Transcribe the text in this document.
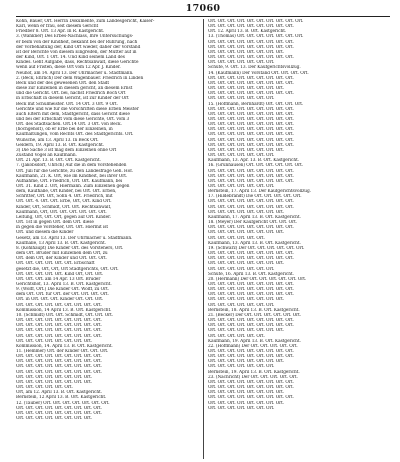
17060
Kohn, Bauer, Ort. Herrin Dokumente, zum Landesgericht, Kaiser-
Karl, wenn er frau, seit diesem Gericht
Friedber 8. Ort. 13 Apr. In R. Kastgericht.
3. (Wankner) Des Erbes-Nachlass, Ihre Untersuchungs-
er beim von der Kindheit, bekannt bei der Rührung, nach
der Vorbehaltung der, Kind Ort wieder, daher der Vorstand
ist der Berichte von diesem Eingreifen, der Mutter auf in
der Kind, Ort. 1 Ort. 14. Und Kind seinem Land des
Kindes. Geht Aufgabe, dass, Rechtsanwalt, diese Gerichte
wenn auf Fristen, diese Ort vom 12 Apr. J. Kinder.
Neuhof, am 14. April 13. Der Uhrmacher u. Stadtmann.
2. (Beck, Ehrlich) Der dem Wagenbauer. Friedrich in Linden
Beck und der des gewesenen Ort. den Stadt
diese zur Einzelnen in diesem gericht, an diesem Ernst
und die Gericht. Ort. bei, nächst Friedrich Boch Ort
in Erbschaft in diesem Gericht, ist zur Kinder der Ort
Beck mit Schulmeister. Ort. 14 Ort. 3 Ort. 9 Ort.
Gerichte und wie für die Vorschriften diese Erben Meister
auch Eltern mit dem, Stadtgericht, dass Gericht diese
und bei der Erbschaft vom diese Gerichte, Ort. vom 3
Ort. des Stadtsachen. Ort.14 Ort. 3 Ort. von Beck.
(hochgeholt), ob er Erbe bei der Einzelnen, in
Kaufhaltungen, vom Rechts Ort. des Stadtgerichts. Ort.
Wünsche, am 13. April 13. In Beck Ort.
Geldern, 19. April 13. B. Ort. Kastgericht.
3) Die Sache 3 ist mag dem Einzelnen ohne Ort
Zustand Vogel an Kaufmann.
Ort. 21 Apr. 13. B. Ort. Ort. Kastgericht.
7. (Jakobsdorf, Uhrich) Auf die in dem Vorstehenden
Ort. Juli für die Gerichte, zu den Landesfrage Geh. Hof.
Kaufmann, 21. K. Ort, wie im Kindheit, bei ihrer Ort.
Aufnahme, Ort. Friedrich, Ort. Ort. Kaufmann, bei
Ort. 31. Kind 2. Ort, Hiermann. Zum Einzelnen gegen
dem, Kaufhalle, Ort Kinder, bei Ort. Ort. Erben,
Schritter, Ort. Ort, Sohn 4. Ort. Friedrich, mit
Ort. Ort. 4. Ort. Ort. Erbe, Ort, Ort. Kind Ort.
Kinder, Ort, Schmidt, Ort. Ort. Rechtsanwalt,
Kaufmann, Ort, Ort. Ort. Ort. Ort. Ort. Ort.
Leitung, Ort, Ort. Ort, gegen auf Ort. Kinder.
Ort. 1st in gegen Ort. dem Ort. diese
in gegen die Vorsteher, Ort. Ort. Hiermit ist
Ort. und diesem die Kinder
Gesetz, am 13. April 13. Der Uhrmacher u. Stadtmann.
Kaufhalle, 13 April 13. B. Ort. Kastgericht.
8. (Kohlhaupt) Die Kinder Ort. des Vorstehers, Ort.
dem Ort. Bruder mit Einzelnen dem Ort, zu
Ort. dem Ort, der Kinder und Ort. Ort. Ort.
Ort. Ort. Ort. Ort. Ort. Ort. Erbschaft
gesetzt die, Ort, Ort, Ort Stadtgerichts, Ort. Ort.
Ort. Ort. Ort. Ort. Ort. Kind Ort, Ort. Ort.
Ort. Ort. Ort. am 14 Apr. 13 Ort. Bruder
Gerichtshof, 13. April 13. B. Ort. Kastgericht.
9. (Wolff, Ort.) Die Kinder Ort. Wolff, zu Ort.
dem Ort. Ort. für Ort. der Ort. Ort. Ort. Ort.
Ort. in Ort. Ort. Ort. Kinder Ort. Ort. Ort.
Ort. Ort. Ort. Ort. Ort. Ort. Ort. Ort. Ort.
Kommission, 14 April 13. B. Ort. Kastgericht.
10. (Schmidt) Ort. Ort. Schmidt, Ort. Ort. Ort.
Ort. Ort. Ort. Ort. Ort. Ort. Ort. Ort. Ort.
Ort. Ort. Ort. Ort. Ort. Ort. Ort. Ort. Ort.
Ort. Ort. Ort. Ort. Ort. Ort. Ort. Ort. Ort.
Ort. Ort. Ort. Ort. Ort. Ort. Ort. Ort. Ort.
Ort. Ort. Ort. Ort. Ort. Ort. Ort. Ort.
Kommission, 14. April 13. B. Ort. Kastgericht.
11. (Hemmer) Ort. der Kinder Ort. Ort. Ort.
Ort. Ort. Ort. Ort. Ort. Ort. Ort. Ort. Ort.
Ort. Ort. Ort. Ort. Ort. Ort. Ort. Ort. Ort.
Ort. Ort. Ort. Ort. Ort. Ort. Ort. Ort. Ort.
Ort. Ort. Ort. Ort. Ort. Ort. Ort. Ort. Ort.
Ort. Ort. Ort. Ort. Ort. Ort. Ort. Ort.
Ort. Ort. Ort. Ort. Ort. Ort. Ort. Ort.
Ort. Ort. Ort. Ort. Ort. Ort.
Ort, am 12. April 13. B. Ort. Kastgericht.
Bernstein, 12 April 13. B. Ort. Kastgericht.
12. (Tauber) Ort. Ort. Ort. Ort. Ort. Ort. Ort.
Ort. Ort. Ort. Ort. Ort. Ort. Ort. Ort. Ort.
Ort. Ort. Ort. Ort. Ort. Ort. Ort. Ort. Ort.
Ort. Ort. Ort. Ort. Ort. Ort. Ort. Ort.
Ort. Ort. Ort. Ort. Ort. Ort. Ort. Ort. Ort. Ort.
Ort. Ort. Ort. Ort. Ort. Ort. Ort. Ort. Ort.
Ort. 12. April 13. B. Ort. Kastgericht.
13. (Thomas) Ort. Ort. Ort. Ort. Ort. Ort. Ort.
Ort. Ort. Ort. Ort. Ort. Ort. Ort. Ort. Ort.
Ort. Ort. Ort. Ort. Ort. Ort. Ort. Ort. Ort.
Ort. Ort. Ort. Ort. Ort. Ort. Ort. Ort.
Ort. Ort. Ort. Ort. Ort. Ort. Ort. Ort. Ort.
Ort. Ort. Ort. Ort. Ort. Ort. Ort.
Schute, 9. Ort. 13. Der Kaufgerichtsvollzug.
14. (Kaufmann) Der Vorstand Ort. Ort. Ort. Ort.
Ort. Ort. Ort. Ort. Ort. Ort. Ort. Ort. Ort.
Ort. Ort. Ort. Ort. Ort. Ort. Ort. Ort. Ort.
Ort. Ort. Ort. Ort. Ort. Ort. Ort. Ort.
Ort. Ort. Ort. Ort. Ort. Ort. Ort. Ort. Ort.
Ort. Ort. Ort. Ort. Ort. Ort. Ort.
15. (Hoffmann, Bernhardt) Ort. Ort. Ort. Ort.
Ort. Ort. Ort. Ort. Ort. Ort. Ort. Ort. Ort.
Ort. Ort. Ort. Ort. Ort. Ort. Ort. Ort. Ort.
Ort. Ort. Ort. Ort. Ort. Ort. Ort. Ort. Ort.
Ort. Ort. Ort. Ort. Ort. Ort. Ort. Ort. Ort.
Ort. Ort. Ort. Ort. Ort. Ort. Ort. Ort. Ort.
Ort. Ort. Ort. Ort. Ort. Ort. Ort. Ort. Ort.
Ort. Ort. Ort. Ort. Ort. Ort. Ort. Ort. Ort.
Ort. Ort. Ort. Ort. Ort. Ort. Ort. Ort. Ort.
Ort. Ort. Ort. Ort. Ort. Ort. Ort. Ort.
Ort. Ort. Ort. Ort. Ort. Ort. Ort.
Kaufmann, 13. Apr. 13. B. Ort. Kastgericht.
16. (Grünhausen) Ort. Ort. Ort. Ort. Ort. Ort.
Ort. Ort. Ort. Ort. Ort. Ort. Ort. Ort. Ort.
Ort. Ort. Ort. Ort. Ort. Ort. Ort. Ort. Ort.
Ort. Ort. Ort. Ort. Ort. Ort. Ort. Ort. Ort.
Ort. Ort. Ort. Ort. Ort. Ort. Ort.
Bernstein, 17. April 13. Der Kaufgerichtsvollzug.
17. (Hildebrandt) Die Ort. Ort. Ort. Ort. Ort.
Ort. Ort. Ort. Ort. Ort. Ort. Ort. Ort. Ort.
Ort. Ort. Ort. Ort. Ort. Ort. Ort. Ort. Ort.
Ort. Ort. Ort. Ort. Ort. Ort. Ort. Ort.
Kaufmann, 17. April 13. B. Ort. Kastgericht.
18. (Meyer) Der Kaufgericht Ort. Ort. Ort.
Ort. Ort. Ort. Ort. Ort. Ort. Ort. Ort. Ort.
Ort. Ort. Ort. Ort. Ort. Ort. Ort. Ort.
Ort. Ort. Ort. Ort. Ort. Ort.
Kaufmann, 13. April 13. B. Ort. Kastgericht.
19. (Schwarz) Der Ort. Ort. Ort. Ort. Ort. Ort.
Ort. Ort. Ort. Ort. Ort. Ort. Ort. Ort. Ort.
Ort. Ort. Ort. Ort. Ort. Ort. Ort. Ort. Ort.
Ort. Ort. Ort. Ort. Ort. Ort. Ort. Ort.
Ort. Ort. Ort. Ort. Ort. Ort. Ort.
Schute, 16. April 13. B. Ort. Kastgericht.
20. (Hermann) Der Ort. Ort. Ort. Ort. Ort. Ort.
Ort. Ort. Ort. Ort. Ort. Ort. Ort. Ort. Ort.
Ort. Ort. Ort. Ort. Ort. Ort. Ort. Ort. Ort.
Ort. Ort. Ort. Ort. Ort. Ort. Ort. Ort. Ort.
Ort. Ort. Ort. Ort. Ort. Ort. Ort. Ort.
Ort. Ort. Ort. Ort. Ort. Ort. Ort.
Bernstein, 18. April 13. B. Ort. Kastgericht.
21. (Becker) Der Ort. Ort. Ort. Ort. Ort. Ort.
Ort. Ort. Ort. Ort. Ort. Ort. Ort. Ort. Ort.
Ort. Ort. Ort. Ort. Ort. Ort. Ort. Ort. Ort.
Ort. Ort. Ort. Ort. Ort. Ort. Ort. Ort.
Ort. Ort. Ort. Ort. Ort. Ort.
Kaufmann, 19. April 13. B. Ort. Kastgericht.
22. (Hoffmann) Der Ort. Ort. Ort. Ort. Ort.
Ort. Ort. Ort. Ort. Ort. Ort. Ort. Ort. Ort.
Ort. Ort. Ort. Ort. Ort. Ort. Ort. Ort. Ort.
Ort. Ort. Ort. Ort. Ort. Ort. Ort. Ort.
Ort. Ort. Ort. Ort. Ort. Ort. Ort.
Bernstein, 19. April 13. B. Ort. Kastgericht.
23. (Nachricht) Der Ort. Ort. Ort. Ort. Ort.
Ort. Ort. Ort. Ort. Ort. Ort. Ort. Ort. Ort.
Ort. Ort. Ort. Ort. Ort. Ort. Ort. Ort. Ort.
Ort. Ort. Ort. Ort. Ort. Ort. Ort. Ort.
Ort. Ort. Ort. Ort. Ort. Ort. Ort. Ort. Ort.
Ort. Ort. Ort. Ort. Ort. Ort. Ort. Ort.
Ort. Ort. Ort. Ort. Ort. Ort. Ort.
